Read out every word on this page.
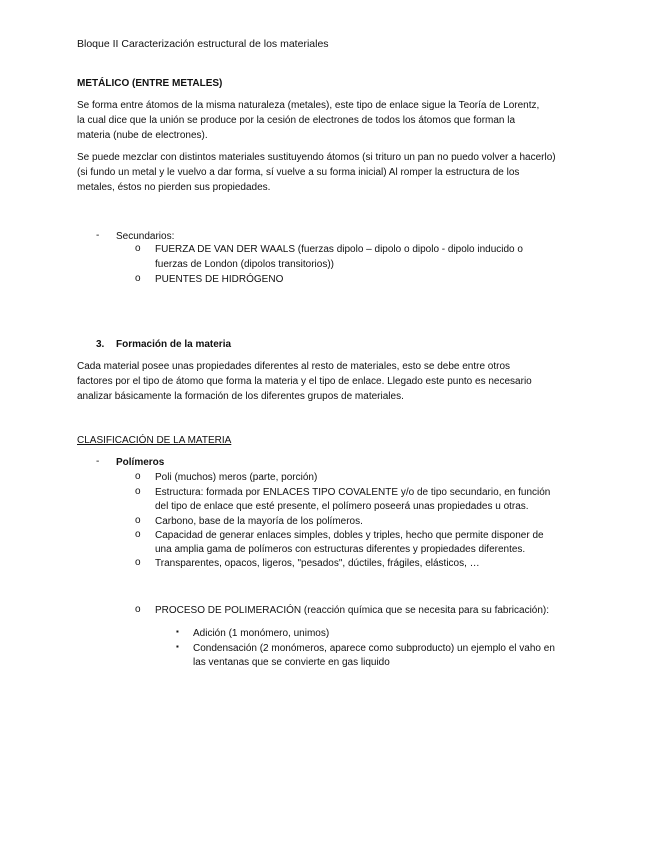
Bloque II Caracterización estructural de los materiales
METÁLICO (ENTRE METALES)
Se forma entre átomos de la misma naturaleza (metales), este tipo de enlace sigue la Teoría de Lorentz,
la cual dice que la unión se produce por la cesión de electrones de todos los átomos que forman la
materia (nube de electrones).
Se puede mezclar con distintos materiales sustituyendo átomos (si trituro un pan no puedo volver a hacerlo)
(si fundo un metal y le vuelvo a dar forma, sí vuelve a su forma inicial) Al romper la estructura de los
metales, éstos no pierden sus propiedades.
- Secundarios:
o FUERZA DE VAN DER WAALS (fuerzas dipolo – dipolo o dipolo - dipolo inducido o
fuerzas de London (dipolos transitorios))
o PUENTES DE HIDRÓGENO
3. Formación de la materia
Cada material posee unas propiedades diferentes al resto de materiales, esto se debe entre otros
factores por el tipo de átomo que forma la materia y el tipo de enlace. Llegado este punto es necesario
analizar básicamente la formación de los diferentes grupos de materiales.
CLASIFICACIÓN DE LA MATERIA
- Polímeros
o Poli (muchos) meros (parte, porción)
o Estructura: formada por ENLACES TIPO COVALENTE y/o de tipo secundario, en función
del tipo de enlace que esté presente, el polímero poseerá unas propiedades u otras.
o Carbono, base de la mayoría de los polímeros.
o Capacidad de generar enlaces simples, dobles y triples, hecho que permite disponer de
una amplia gama de polímeros con estructuras diferentes y propiedades diferentes.
o Transparentes, opacos, ligeros, "pesados", dúctiles, frágiles, elásticos, …
o PROCESO DE POLIMERACIÓN (reacción química que se necesita para su fabricación):
▪ Adición (1 monómero, unimos)
▪ Condensación (2 monómeros, aparece como subproducto) un ejemplo el vaho en
las ventanas que se convierte en gas liquido
